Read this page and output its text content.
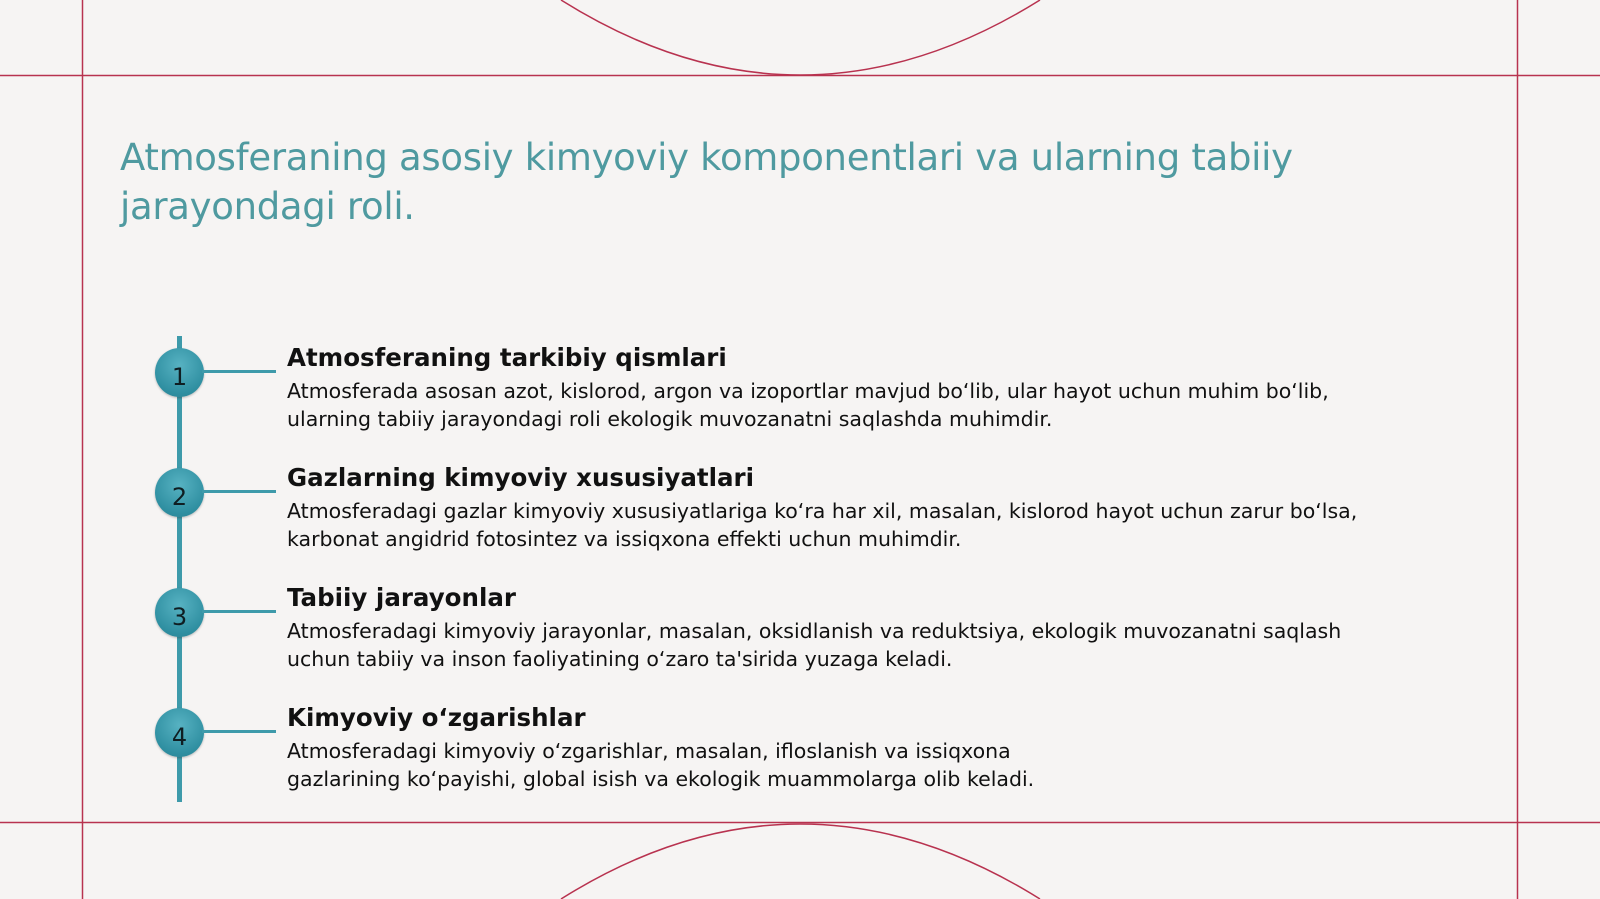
Atmosferaning asosiy kimyoviy komponentlari va ularning tabiiy jarayondagi roli.
1
Atmosferaning tarkibiy qismlari

Atmosferada asosan azot, kislorod, argon va izoportlar mavjud bo‘lib, ular hayot uchun muhim bo‘lib,

ularning tabiiy jarayondagi roli ekologik muvozanatni saqlashda muhimdir.

2
Gazlarning kimyoviy xususiyatlari

Atmosferadagi gazlar kimyoviy xususiyatlariga ko‘ra har xil, masalan, kislorod hayot uchun zarur bo‘lsa,

karbonat angidrid fotosintez va issiqxona effekti uchun muhimdir.

3
Tabiiy jarayonlar

Atmosferadagi kimyoviy jarayonlar, masalan, oksidlanish va reduktsiya, ekologik muvozanatni saqlash

uchun tabiiy va inson faoliyatining o‘zaro ta'sirida yuzaga keladi.

4
Kimyoviy o‘zgarishlar

Atmosferadagi kimyoviy o‘zgarishlar, masalan, ifloslanish va issiqxona

gazlarining ko‘payishi, global isish va ekologik muammolarga olib keladi.
